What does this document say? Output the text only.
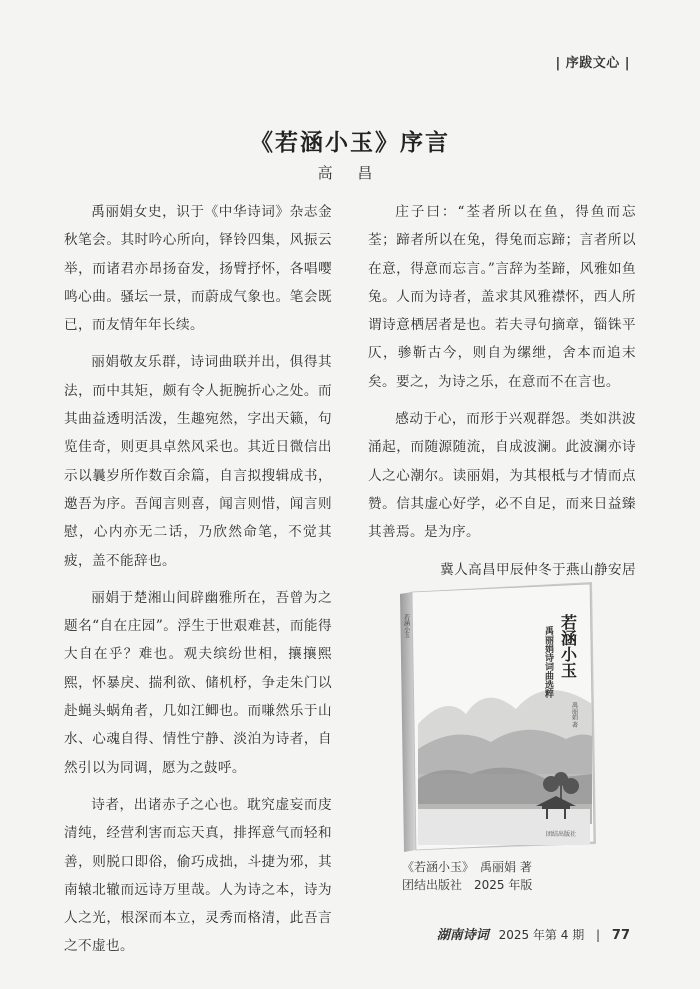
| 序跋文心 |
《若涵小玉》序言
高 昌

禹丽娟女史，识于《中华诗词》杂志金秋笔会。其时吟心所向，铎铃四集，风振云举，而诸君亦昂扬奋发，扬臂抒怀，各唱嘤鸣心曲。骚坛一景，而蔚成气象也。笔会既已，而友情年年长续。

丽娟敬友乐群，诗词曲联并出，俱得其法，而中其矩，颇有令人扼腕折心之处。而其曲益透明活泼，生趣宛然，字出天籁，句览佳奇，则更具卓然风采也。其近日微信出示以曩岁所作数百余篇，自言拟搜辑成书，邀吾为序。吾闻言则喜，闻言则惜，闻言则慰，心内亦无二话，乃欣然命笔，不觉其疲，盖不能辞也。

丽娟于楚湘山间辟幽雅所在，吾曾为之题名“自在庄园”。浮生于世艰难甚，而能得大自在乎？难也。观夫缤纷世相，攘攘熙熙，怀暴戾、揣利欲、储机杼，争走朱门以赴蝇头蜗角者，几如江鲫也。而嗛然乐于山水、心魂自得、情性宁静、淡泊为诗者，自然引以为同调，愿为之鼓呼。

诗者，出诸赤子之心也。耽究虚妄而庋清纯，经营利害而忘天真，排挥意气而轻和善，则脱口即俗，偷巧成拙，斗捷为邪，其南辕北辙而远诗万里哉。人为诗之本，诗为人之光，根深而本立，灵秀而格清，此吾言之不虚也。

庄子曰：“荃者所以在鱼，得鱼而忘荃；蹄者所以在兔，得兔而忘蹄；言者所以在意，得意而忘言。”言辞为荃蹄，风雅如鱼兔。人而为诗者，盖求其风雅襟怀，西人所谓诗意栖居者是也。若夫寻句摘章，锱铢平仄，骖靳古今，则自为缧绁，舍本而追末矣。要之，为诗之乐，在意而不在言也。

感动于心，而形于兴观群怨。类如洪波涌起，而随源随流，自成波澜。此波澜亦诗人之心潮尔。读丽娟，为其根柢与才情而点赞。信其虚心好学，必不自足，而来日益臻其善焉。是为序。

冀人高昌甲辰仲冬于燕山静安居
若涵小玉	若涵小玉
禹丽娟诗词曲选粹
禹丽娟 著
团结出版社
《若涵小玉》　禹丽娟 著
团结出版社　2025 年版
湖南诗词 2025 年第 4 期 | 77
